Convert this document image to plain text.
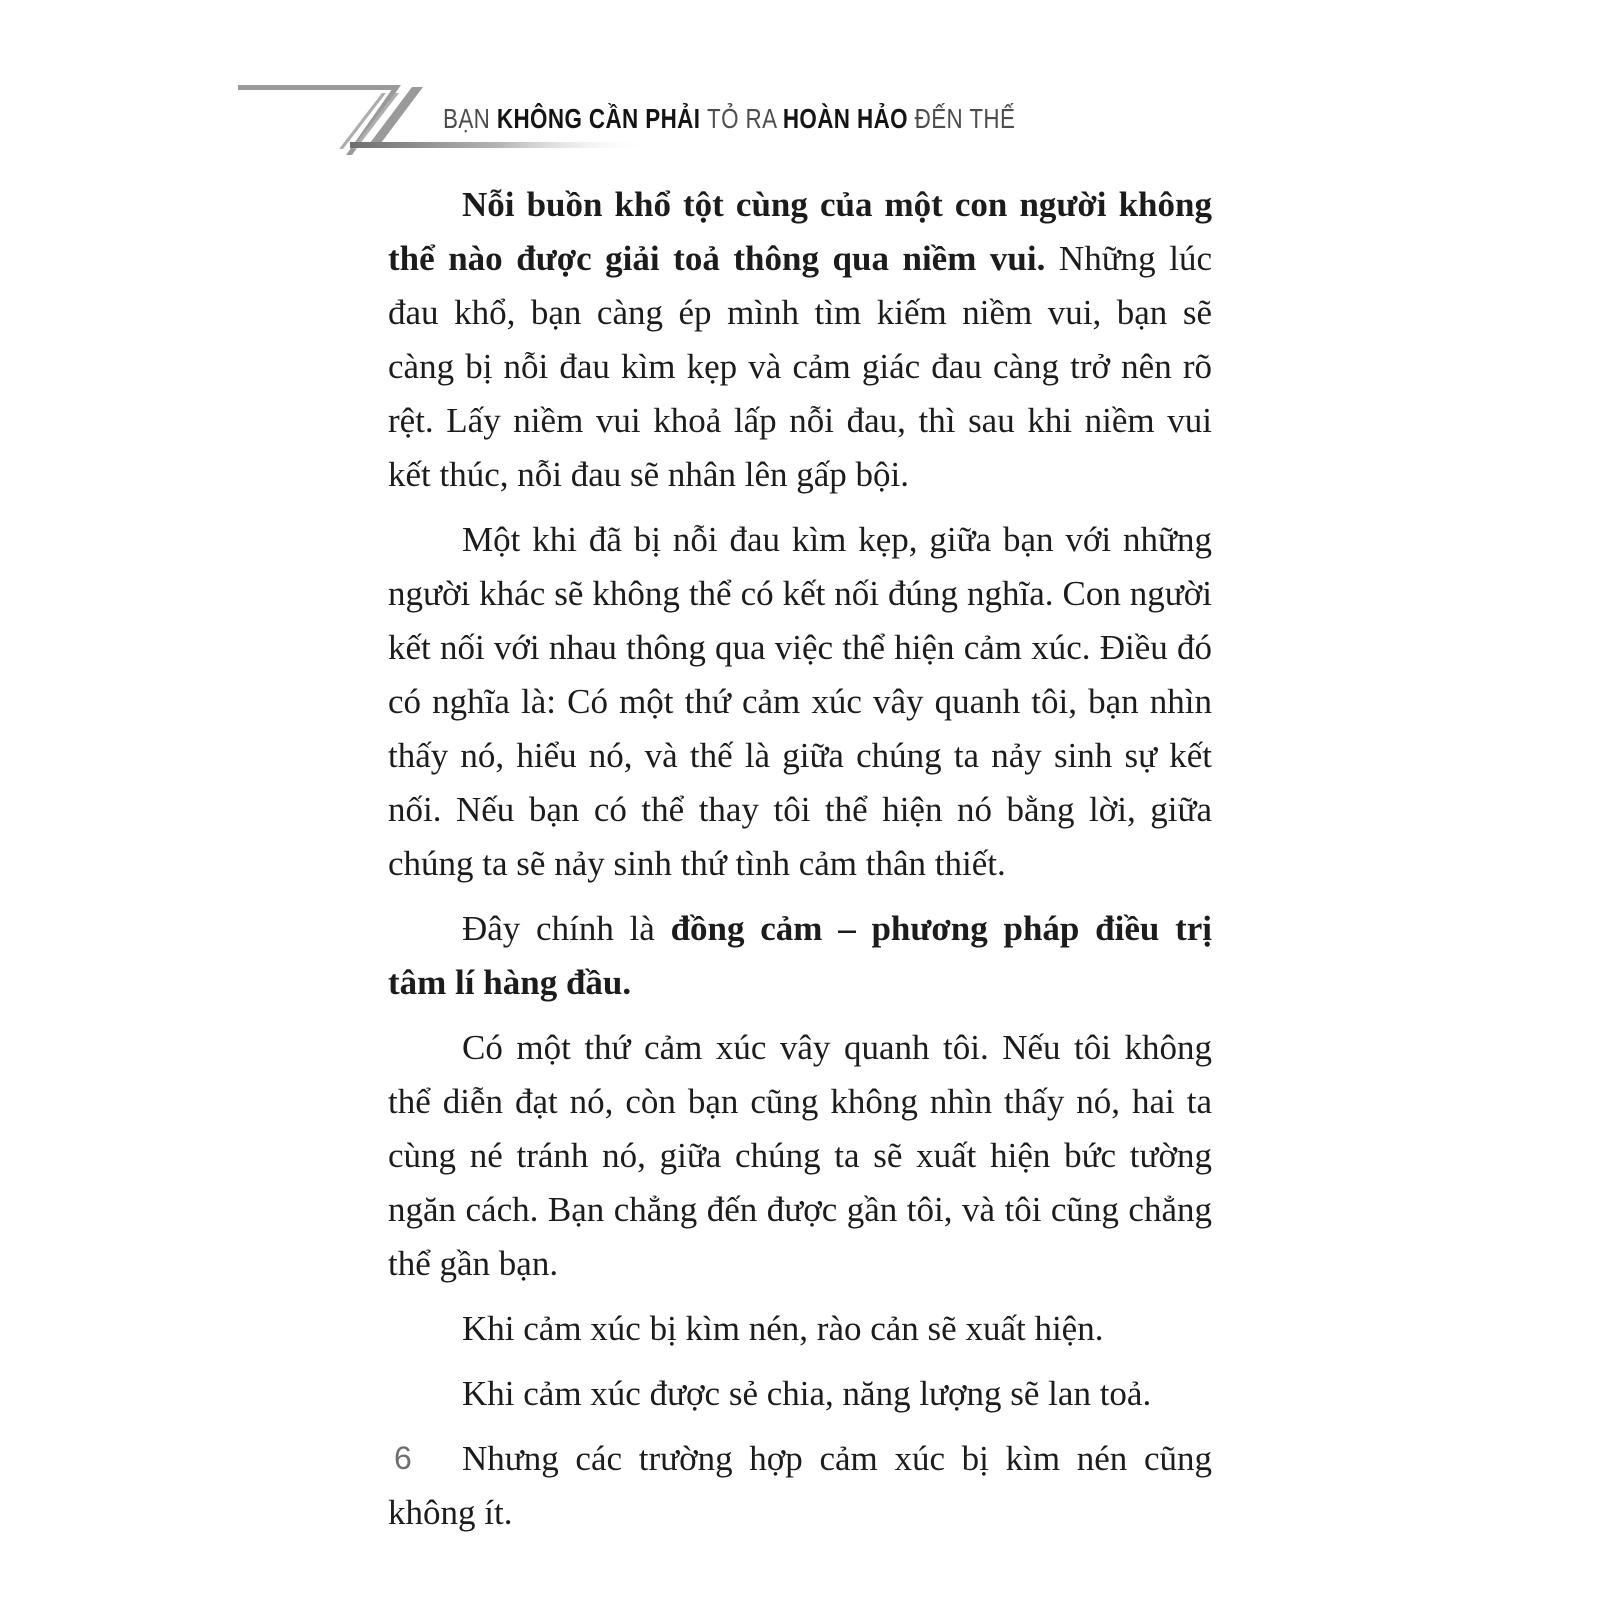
BẠN KHÔNG CẦN PHẢI TỎ RA HOÀN HẢO ĐẾN THẾ

Nỗi buồn khổ tột cùng của một con người không thể nào được giải toả thông qua niềm vui. Những lúc đau khổ, bạn càng ép mình tìm kiếm niềm vui, bạn sẽ càng bị nỗi đau kìm kẹp và cảm giác đau càng trở nên rõ rệt. Lấy niềm vui khoả lấp nỗi đau, thì sau khi niềm vui kết thúc, nỗi đau sẽ nhân lên gấp bội.

Một khi đã bị nỗi đau kìm kẹp, giữa bạn với những người khác sẽ không thể có kết nối đúng nghĩa. Con người kết nối với nhau thông qua việc thể hiện cảm xúc. Điều đó có nghĩa là: Có một thứ cảm xúc vây quanh tôi, bạn nhìn thấy nó, hiểu nó, và thế là giữa chúng ta nảy sinh sự kết nối. Nếu bạn có thể thay tôi thể hiện nó bằng lời, giữa chúng ta sẽ nảy sinh thứ tình cảm thân thiết.

Đây chính là đồng cảm – phương pháp điều trị tâm lí hàng đầu.

Có một thứ cảm xúc vây quanh tôi. Nếu tôi không thể diễn đạt nó, còn bạn cũng không nhìn thấy nó, hai ta cùng né tránh nó, giữa chúng ta sẽ xuất hiện bức tường ngăn cách. Bạn chẳng đến được gần tôi, và tôi cũng chẳng thể gần bạn.

Khi cảm xúc bị kìm nén, rào cản sẽ xuất hiện.

Khi cảm xúc được sẻ chia, năng lượng sẽ lan toả.

Nhưng các trường hợp cảm xúc bị kìm nén cũng không ít.

6
